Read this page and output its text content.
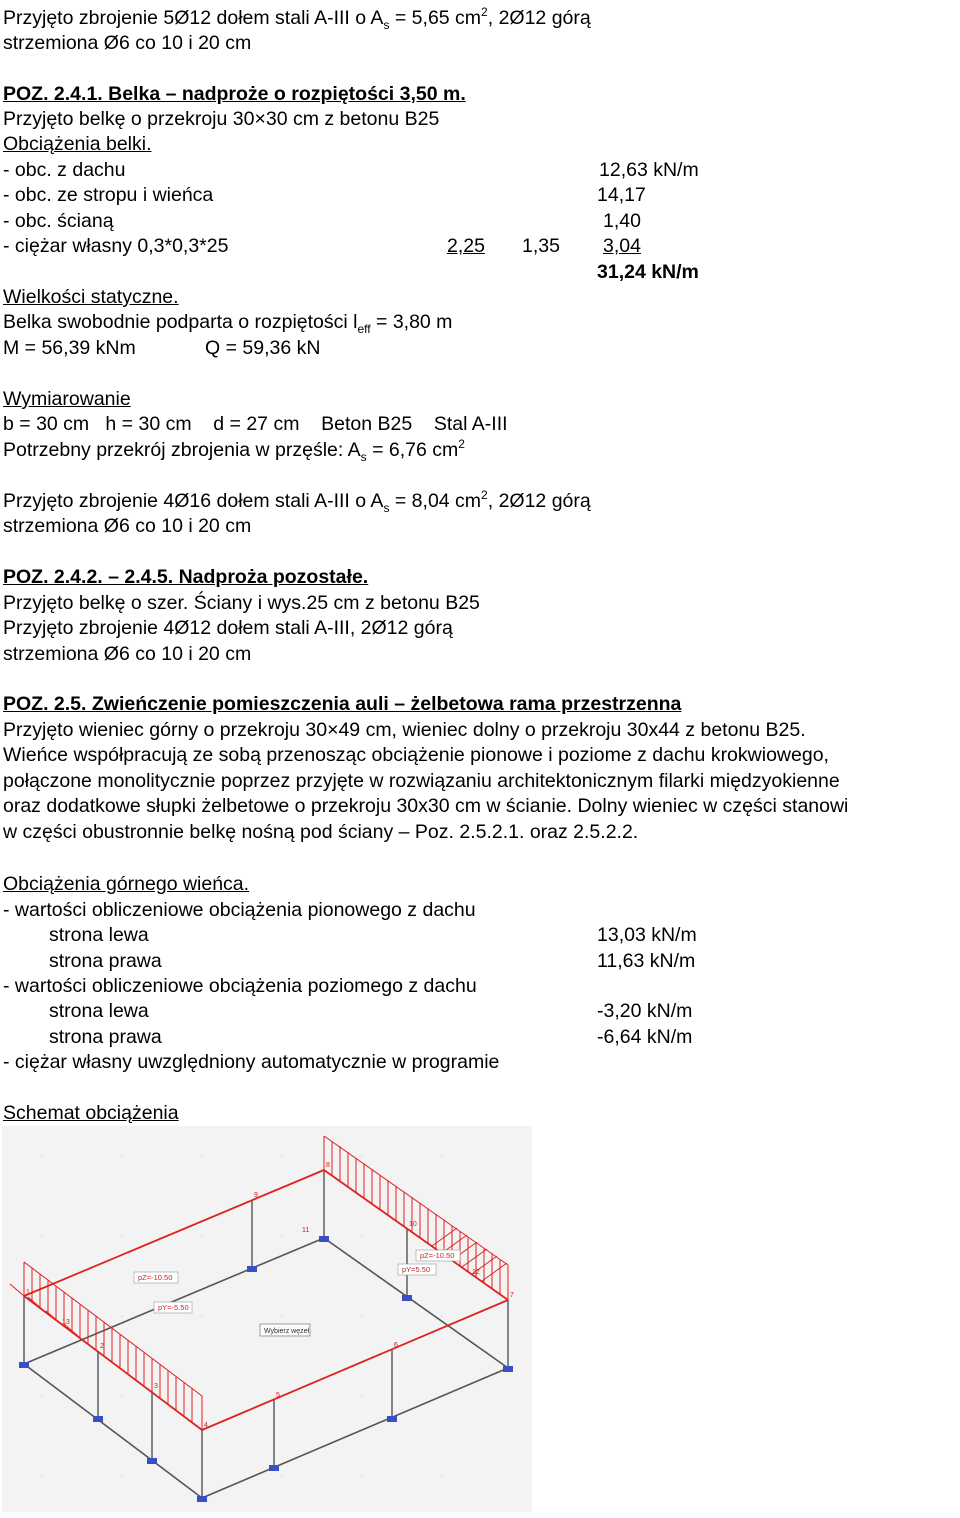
Przyjęto zbrojenie 5Ø12 dołem stali A-III o $A_s = 5,65$ $cm^2$, 2Ø12 górą
strzemiona Ø6 co 10 i 20 cm
POZ. 2.4.1. Belka – nadproże o rozpiętości 3,50 m.
Przyjęto belkę o przekroju 30×30 cm z betonu B25
Obciążenia belki.
- obc. z dachu	12,63 kN/m
- obc. ze stropu i wieńca	14,17
- obc. ścianą	1,40
- ciężar własny 0,3*0,3*25	2,25 1,35 3,04
31,24 kN/m
Wielkości statyczne.
Belka swobodnie podparta o rozpiętości $l_{eff} = 3,80$ m
M = 56,39 kNm	Q = 59,36 kN
Wymiarowanie
b = 30 cm   h = 30 cm    d = 27 cm    Beton B25    Stal A-III
Potrzebny przekrój zbrojenia w przęśle: $A_s = 6,76$ $cm^2$
Przyjęto zbrojenie 4Ø16 dołem stali A-III o $A_s = 8,04$ $cm^2$, 2Ø12 górą
strzemiona Ø6 co 10 i 20 cm
POZ. 2.4.2. – 2.4.5. Nadproża pozostałe.
Przyjęto belkę o szer. Ściany i wys.25 cm z betonu B25
Przyjęto zbrojenie 4Ø12 dołem stali A-III, 2Ø12 górą
strzemiona Ø6 co 10 i 20 cm
POZ. 2.5. Zwieńczenie pomieszczenia auli – żelbetowa rama przestrzenna
Przyjęto wieniec górny o przekroju 30×49 cm, wieniec dolny o przekroju 30x44 z betonu B25.
Wieńce współpracują ze sobą przenosząc obciążenie pionowe i poziome z dachu krokwiowego,
połączone monolitycznie poprzez przyjęte w rozwiązaniu architektonicznym filarki międzyokienne
oraz dodatkowe słupki żelbetowe o przekroju 30x30 cm w ścianie. Dolny wieniec w części stanowi
w części obustronnie belkę nośną pod ściany – Poz. 2.5.2.1. oraz 2.5.2.2.
Obciążenia górnego wieńca.
- wartości obliczeniowe obciążenia pionowego z dachu
strona lewa	13,03 kN/m
strona prawa	11,63 kN/m
- wartości obliczeniowe obciążenia poziomego z dachu
strona lewa	-3,20 kN/m
strona prawa	-6,64 kN/m
- ciężar własny uwzględniony automatycznie w programie
Schemat obciążenia
1
2
3
4
5
6
7
8
9
10
11
12
13
pZ=-10.50
pY=5.50
pZ=-10.50
pY=-5.50
Wybierz węzeł
